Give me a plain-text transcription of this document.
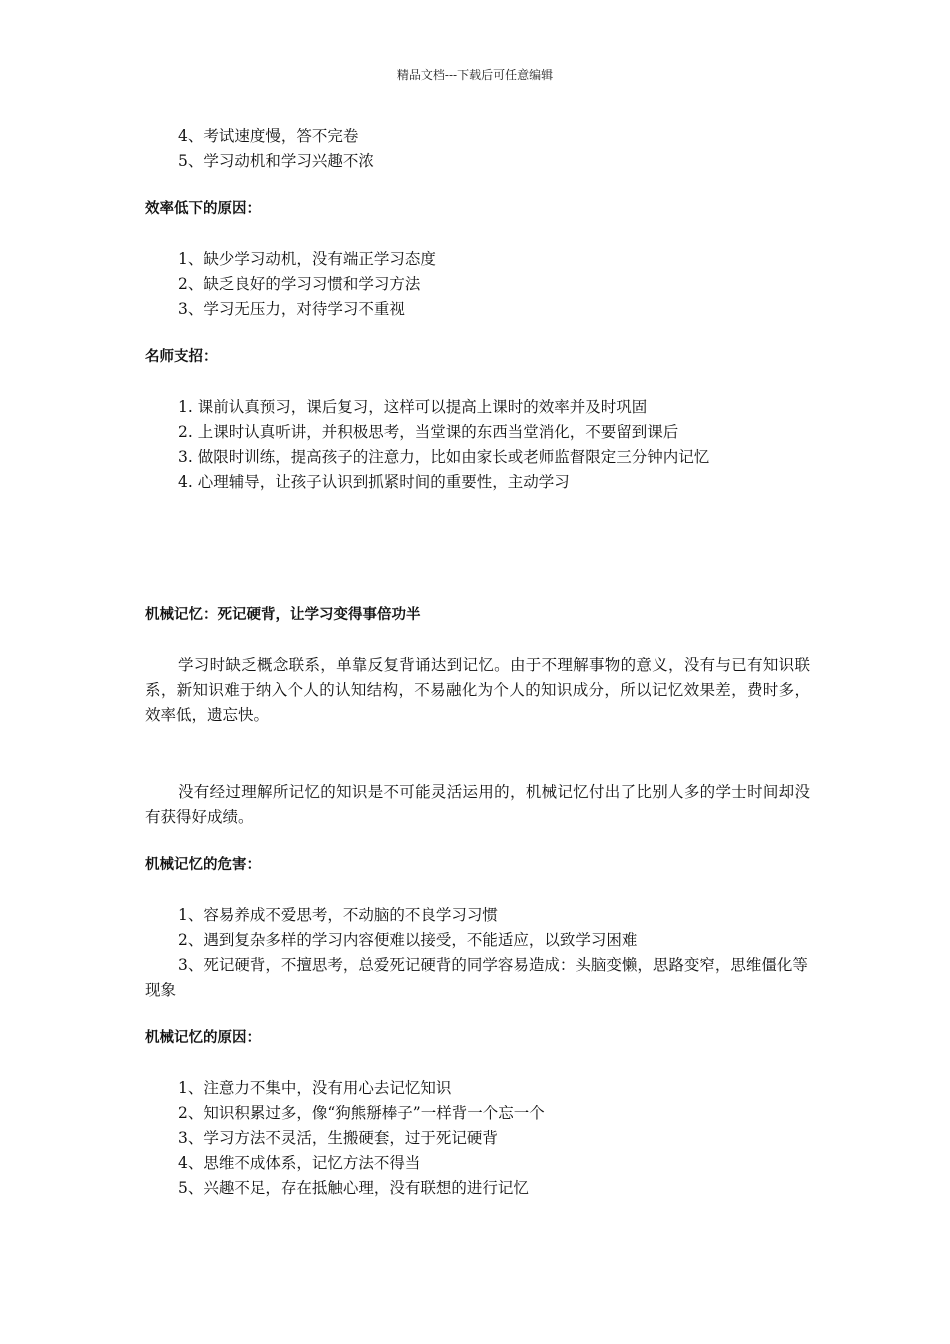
精品文档---下载后可任意编辑

4、考试速度慢，答不完卷

5、学习动机和学习兴趣不浓

效率低下的原因：

1、缺少学习动机，没有端正学习态度

2、缺乏良好的学习习惯和学习方法

3、学习无压力，对待学习不重视

名师支招：

1. 课前认真预习，课后复习，这样可以提高上课时的效率并及时巩固

2. 上课时认真听讲，并积极思考，当堂课的东西当堂消化，不要留到课后

3. 做限时训练，提高孩子的注意力，比如由家长或老师监督限定三分钟内记忆

4. 心理辅导，让孩子认识到抓紧时间的重要性，主动学习

机械记忆：死记硬背，让学习变得事倍功半

学习时缺乏概念联系，单靠反复背诵达到记忆。由于不理解事物的意义，没有与已有知识联系，新知识难于纳入个人的认知结构，不易融化为个人的知识成分，所以记忆效果差，费时多，效率低，遗忘快。

没有经过理解所记忆的知识是不可能灵活运用的，机械记忆付出了比别人多的学士时间却没有获得好成绩。

机械记忆的危害：

1、容易养成不爱思考，不动脑的不良学习习惯

2、遇到复杂多样的学习内容便难以接受，不能适应，以致学习困难

3、死记硬背，不擅思考，总爱死记硬背的同学容易造成：头脑变懒，思路变窄，思维僵化等现象

机械记忆的原因：

1、注意力不集中，没有用心去记忆知识

2、知识积累过多，像“狗熊掰棒子”一样背一个忘一个

3、学习方法不灵活，生搬硬套，过于死记硬背

4、思维不成体系，记忆方法不得当

5、兴趣不足，存在抵触心理，没有联想的进行记忆
